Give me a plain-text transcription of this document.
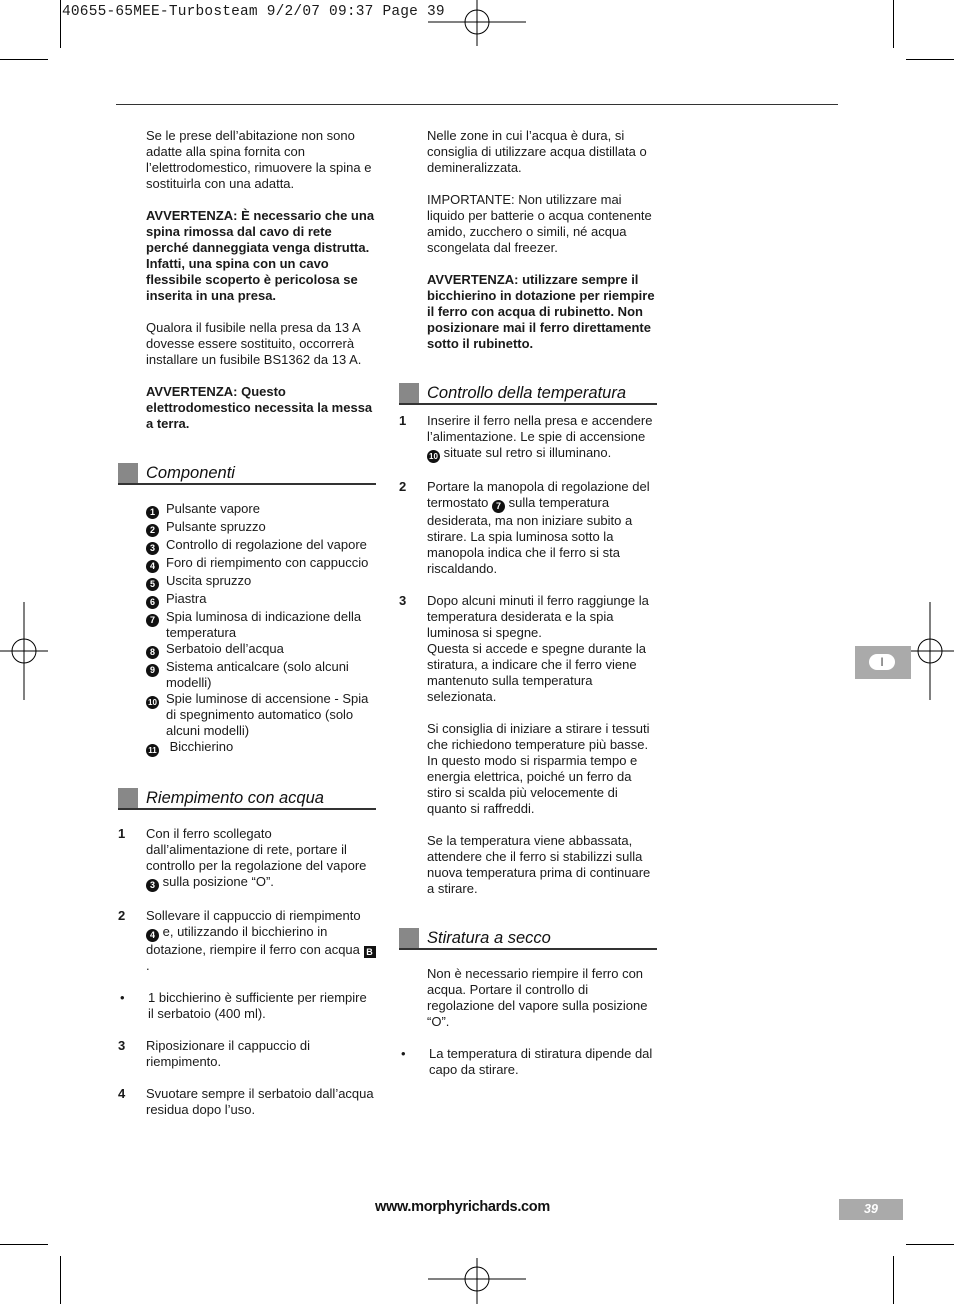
40655-65MEE-Turbosteam 9/2/07 09:37 Page 39

Se le prese dell’abitazione non sono adatte alla spina fornita con l’elettrodomestico, rimuovere la spina e sostituirla con una adatta.

AVVERTENZA: È necessario che una spina rimossa dal cavo di rete perché danneggiata venga distrutta. Infatti, una spina con un cavo flessibile scoperto è pericolosa se inserita in una presa.

Qualora il fusibile nella presa da 13 A dovesse essere sostituito, occorrerà installare un fusibile BS1362 da 13 A.

AVVERTENZA: Questo elettrodomestico necessita la messa a terra.

Componenti
1 Pulsante vapore
2 Pulsante spruzzo
3 Controllo di regolazione del vapore
4 Foro di riempimento con cappuccio
5 Uscita spruzzo
6 Piastra
7 Spia luminosa di indicazione della temperatura
8 Serbatoio dell’acqua
9 Sistema anticalcare (solo alcuni modelli)
10 Spie luminose di accensione - Spia di spegnimento automatico (solo alcuni modelli)
11 Bicchierino
Riempimento con acqua
1	Con il ferro scollegato dall’alimentazione di rete, portare il controllo per la regolazione del vapore 3 sulla posizione “O”.
2	Sollevare il cappuccio di riempimento 4 e, utilizzando il bicchierino in dotazione, riempire il ferro con acqua B.
•	1 bicchierino è sufficiente per riempire il serbatoio (400 ml).
3	Riposizionare il cappuccio di riempimento.
4	Svuotare sempre il serbatoio dall’acqua residua dopo l’uso.

Nelle zone in cui l’acqua è dura, si consiglia di utilizzare acqua distillata o demineralizzata.

IMPORTANTE: Non utilizzare mai liquido per batterie o acqua contenente amido, zucchero o simili, né acqua scongelata dal freezer.

AVVERTENZA: utilizzare sempre il bicchierino in dotazione per riempire il ferro con acqua di rubinetto. Non posizionare mai il ferro direttamente sotto il rubinetto.

Controllo della temperatura
1	Inserire il ferro nella presa e accendere l’alimentazione. Le spie di accensione 10 situate sul retro si illuminano.
2	Portare la manopola di regolazione del termostato 7 sulla temperatura desiderata, ma non iniziare subito a stirare. La spia luminosa sotto la manopola indica che il ferro si sta riscaldando.
3	Dopo alcuni minuti il ferro raggiunge la temperatura desiderata e la spia luminosa si spegne.
Questa si accede e spegne durante la stiratura, a indicare che il ferro viene mantenuto sulla temperatura selezionata.

Si consiglia di iniziare a stirare i tessuti che richiedono temperature più basse. In questo modo si risparmia tempo e energia elettrica, poiché un ferro da stiro si scalda più velocemente di quanto si raffreddi.

Se la temperatura viene abbassata, attendere che il ferro si stabilizzi sulla nuova temperatura prima di continuare a stirare.

Stiratura a secco

Non è necessario riempire il ferro con acqua. Portare il controllo di regolazione del vapore sulla posizione “O”.

•	La temperatura di stiratura dipende dal capo da stirare.
I
www.morphyrichards.com	39
